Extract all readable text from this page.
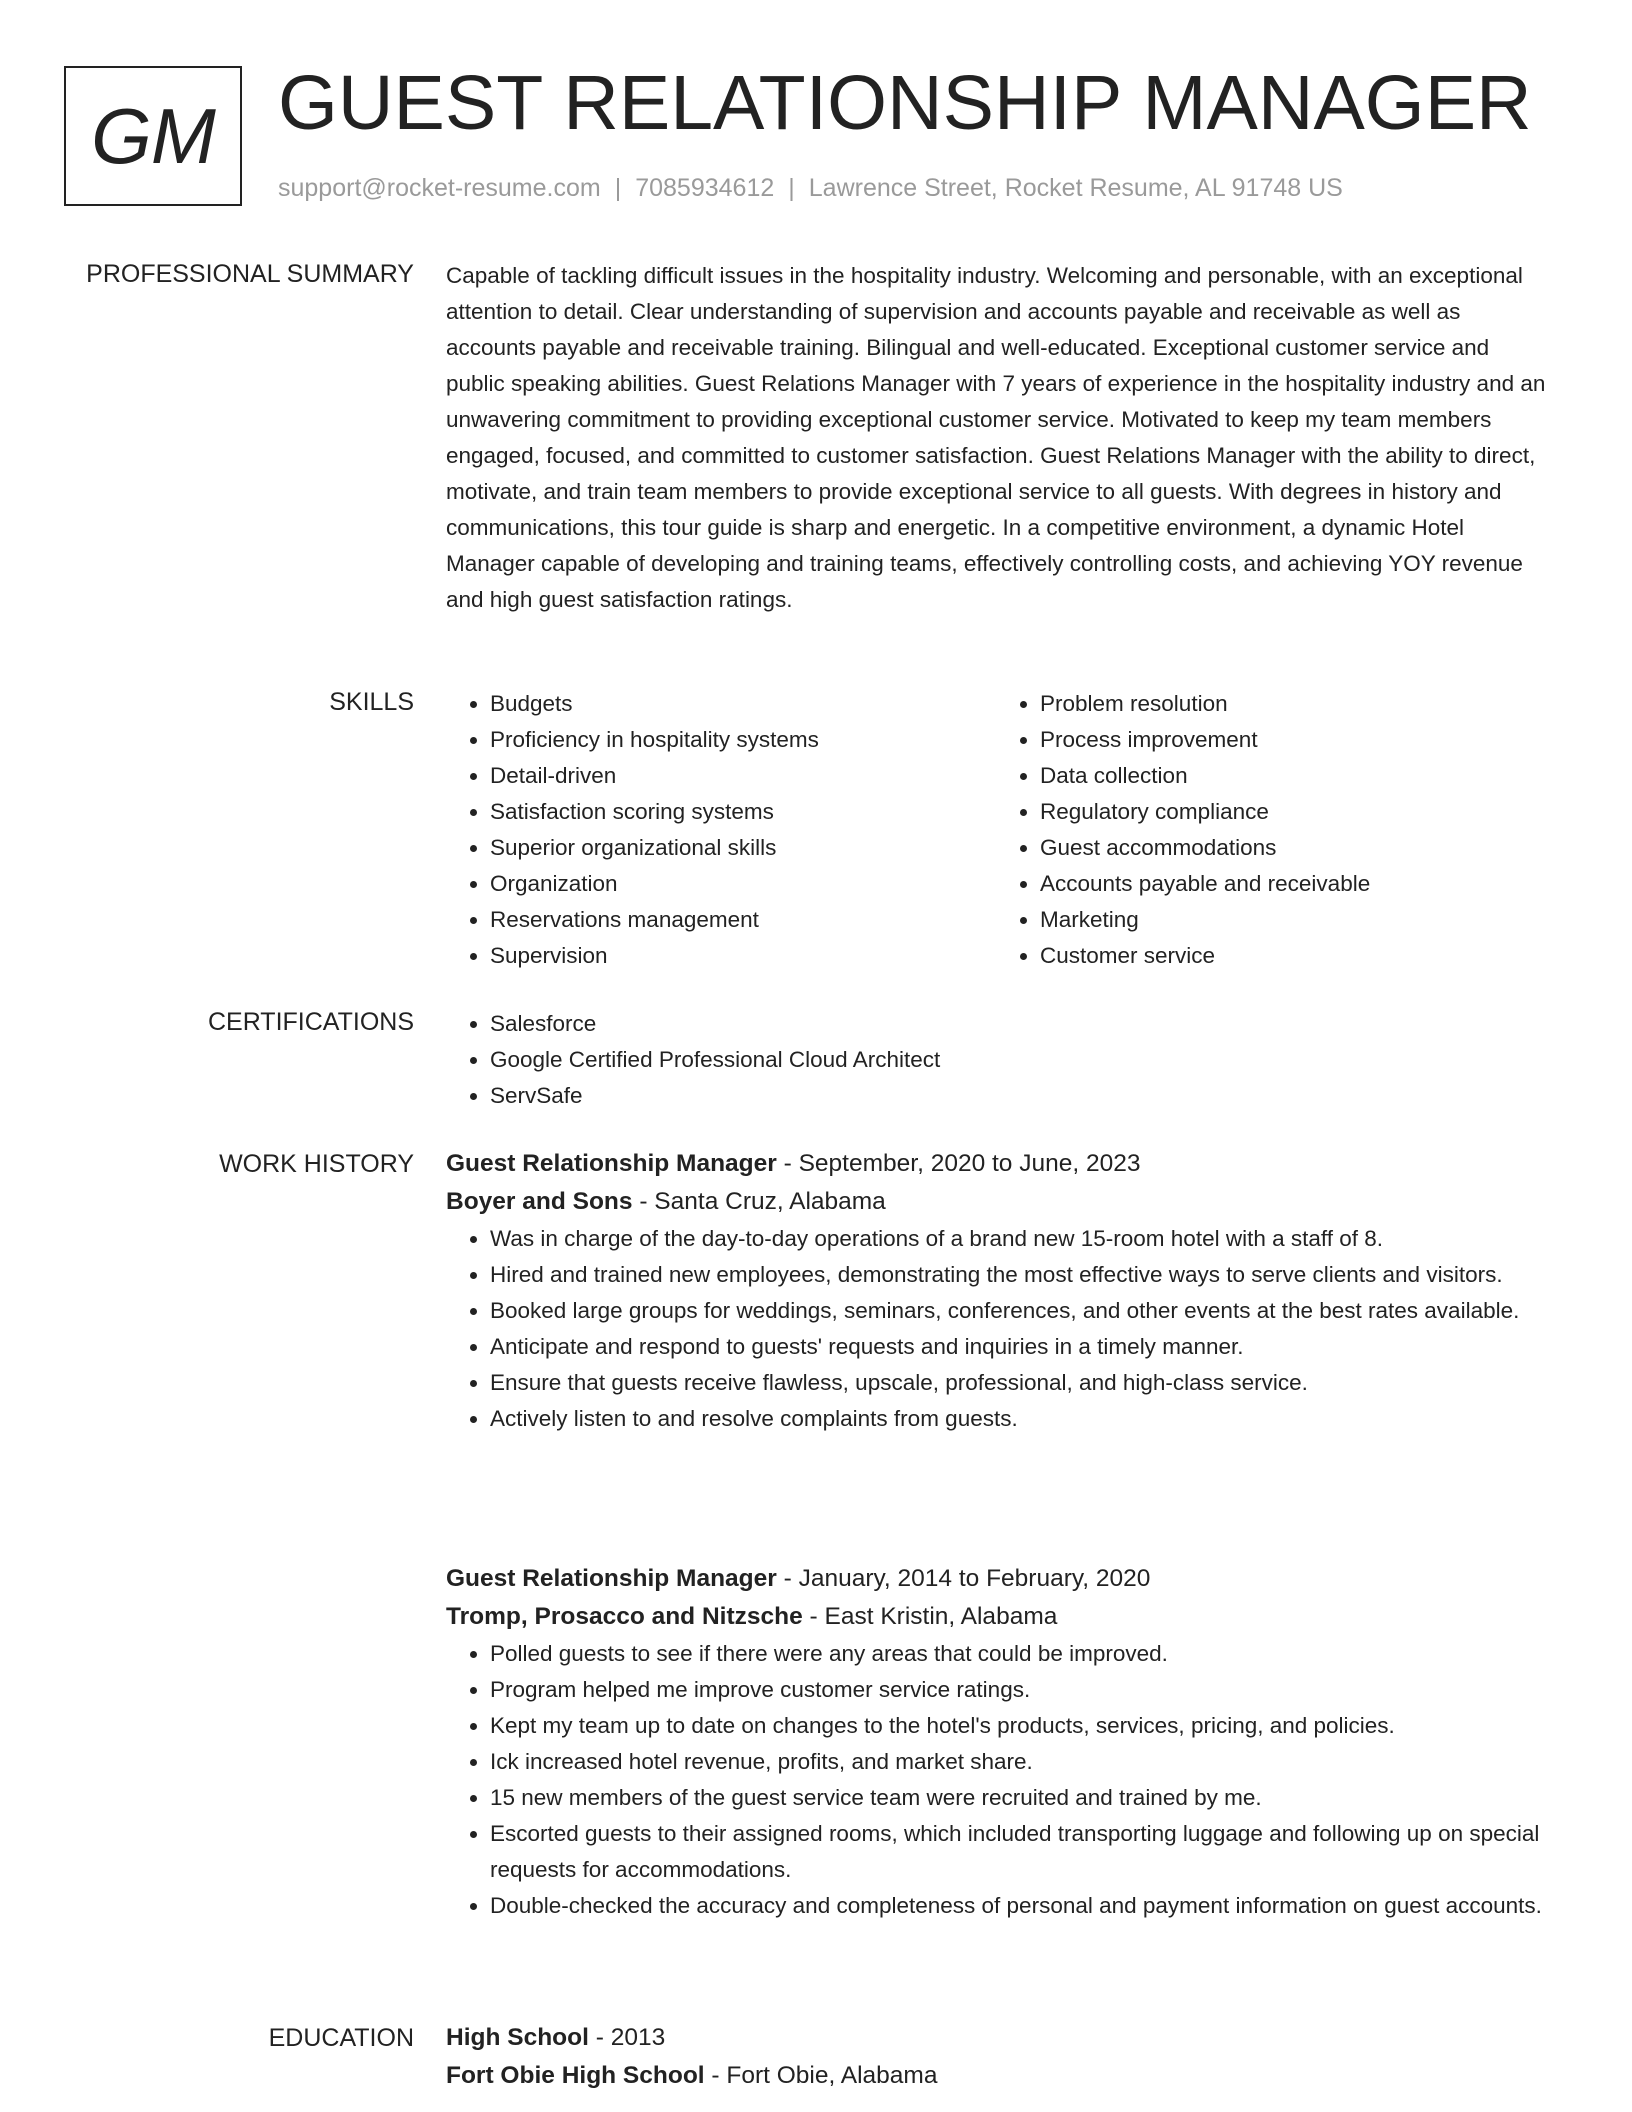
GM GUEST RELATIONSHIP MANAGER
support@rocket-resume.com | 7085934612 | Lawrence Street, Rocket Resume, AL 91748 US
PROFESSIONAL SUMMARY Capable of tackling difficult issues in the hospitality industry. Welcoming and personable, with an exceptional attention to detail. Clear understanding of supervision and accounts payable and receivable as well as accounts payable and receivable training. Bilingual and well-educated. Exceptional customer service and public speaking abilities. Guest Relations Manager with 7 years of experience in the hospitality industry and an unwavering commitment to providing exceptional customer service. Motivated to keep my team members engaged, focused, and committed to customer satisfaction. Guest Relations Manager with the ability to direct, motivate, and train team members to provide exceptional service to all guests. With degrees in history and communications, this tour guide is sharp and energetic. In a competitive environment, a dynamic Hotel Manager capable of developing and training teams, effectively controlling costs, and achieving YOY revenue and high guest satisfaction ratings.
SKILLS	• Budgets
• Proficiency in hospitality systems
• Detail-driven
• Satisfaction scoring systems
• Superior organizational skills
• Organization
• Reservations management
• Supervision
• Problem resolution
• Process improvement
• Data collection
• Regulatory compliance
• Guest accommodations
• Accounts payable and receivable
• Marketing
• Customer service
CERTIFICATIONS	• Salesforce
• Google Certified Professional Cloud Architect
• ServSafe
WORK HISTORY Guest Relationship Manager - September, 2020 to June, 2023
Boyer and Sons - Santa Cruz, Alabama
• Was in charge of the day-to-day operations of a brand new 15-room hotel with a staff of 8.
• Hired and trained new employees, demonstrating the most effective ways to serve clients and visitors.
• Booked large groups for weddings, seminars, conferences, and other events at the best rates available.
• Anticipate and respond to guests' requests and inquiries in a timely manner.
• Ensure that guests receive flawless, upscale, professional, and high-class service.
• Actively listen to and resolve complaints from guests.
Guest Relationship Manager - January, 2014 to February, 2020
Tromp, Prosacco and Nitzsche - East Kristin, Alabama
• Polled guests to see if there were any areas that could be improved.
• Program helped me improve customer service ratings.
• Kept my team up to date on changes to the hotel's products, services, pricing, and policies.
• Ick increased hotel revenue, profits, and market share.
• 15 new members of the guest service team were recruited and trained by me.
• Escorted guests to their assigned rooms, which included transporting luggage and following up on special requests for accommodations.
• Double-checked the accuracy and completeness of personal and payment information on guest accounts.
EDUCATION High School - 2013
Fort Obie High School - Fort Obie, Alabama
